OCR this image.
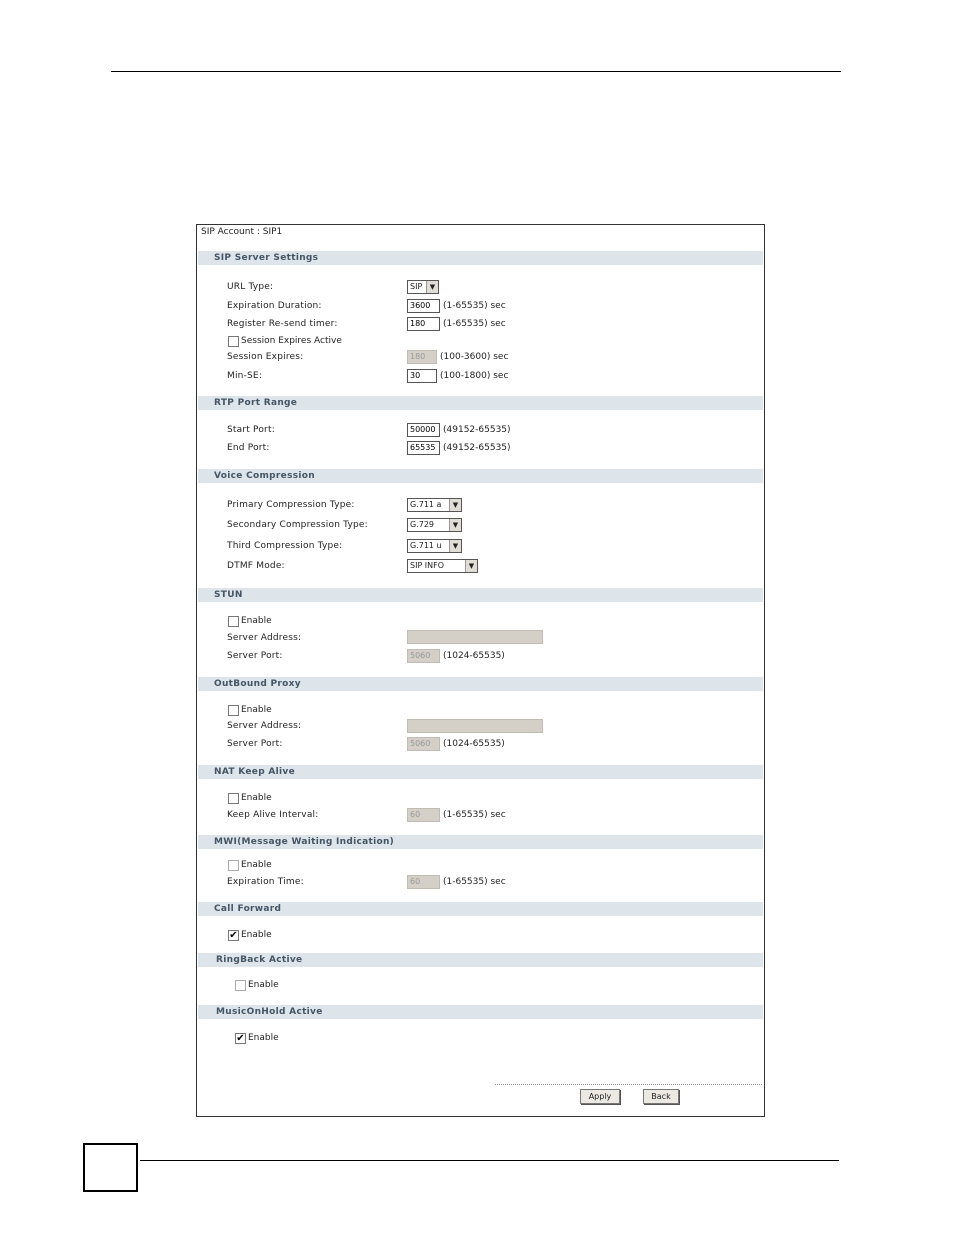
SIP Account : SIP1
SIP Server Settings
URL Type:	SIP	▼
Expiration Duration:	3600	(1-65535) sec
Register Re-send timer:	180	(1-65535) sec
Session Expires Active
Session Expires:	180	(100-3600) sec
Min-SE:	30	(100-1800) sec
RTP Port Range
Start Port:	50000 (49152-65535)
End Port:	65535 (49152-65535)
Voice Compression
Primary Compression Type:	G.711 a	▼
Secondary Compression Type:	G.729	▼
Third Compression Type:	G.711 u	▼
DTMF Mode:	SIP INFO	▼
STUN
Enable
Server Address:
Server Port:	5060	(1024-65535)
OutBound Proxy
Enable
Server Address:
Server Port:	5060	(1024-65535)
NAT Keep Alive
Enable
Keep Alive Interval:	60	(1-65535) sec
MWI(Message Waiting Indication)
Enable
Expiration Time:	60	(1-65535) sec
Call Forward
✔ Enable
RingBack Active
Enable
MusicOnHold Active
✔ Enable
Apply	Back
